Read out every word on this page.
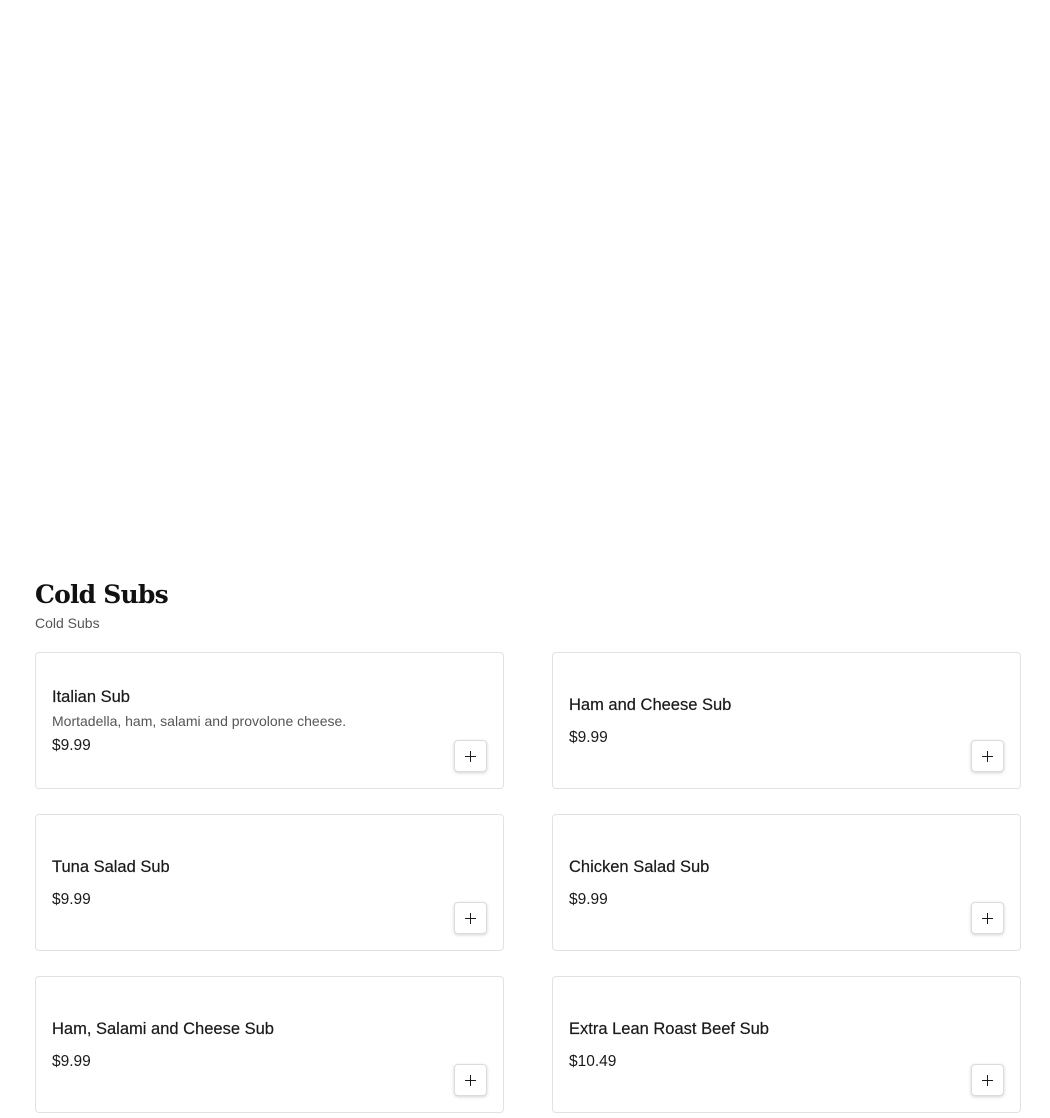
Cold Subs
Cold Subs
Italian Sub
Mortadella, ham, salami and provolone cheese.
$9.99
Ham and Cheese Sub
$9.99
Tuna Salad Sub
$9.99
Chicken Salad Sub
$9.99
Ham, Salami and Cheese Sub
$9.99
Extra Lean Roast Beef Sub
$10.49
